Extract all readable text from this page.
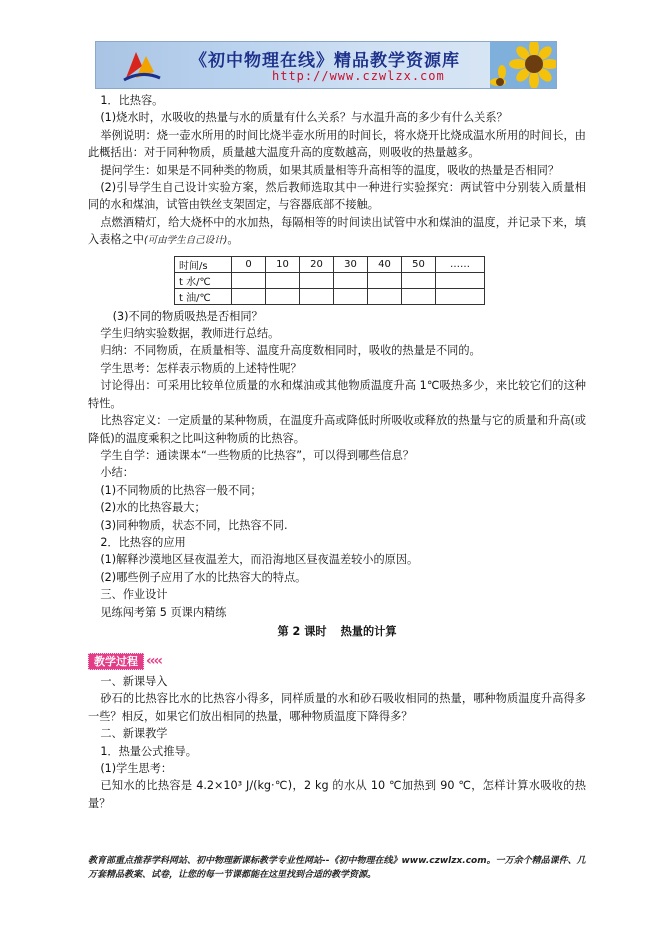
《初中物理在线》精品教学资源库
http://www.czwlzx.com

1．比热容。

(1)烧水时，水吸收的热量与水的质量有什么关系？与水温升高的多少有什么关系？

举例说明：烧一壶水所用的时间比烧半壶水所用的时间长，将水烧开比烧成温水所用的时间长，由此概括出：对于同种物质，质量越大温度升高的度数越高，则吸收的热量越多。

提问学生：如果是不同种类的物质，如果其质量相等升高相等的温度，吸收的热量是否相同？

(2)引导学生自己设计实验方案，然后教师选取其中一种进行实验探究：两试管中分别装入质量相同的水和煤油，试管由铁丝支架固定，与容器底部不接触。

点燃酒精灯，给大烧杯中的水加热，每隔相等的时间读出试管中水和煤油的温度，并记录下来，填入表格之中(可由学生自己设计)。

时间/s	0	10	20	30	40	50	……
t 水/℃							
t 油/℃							

(3)不同的物质吸热是否相同？

学生归纳实验数据，教师进行总结。

归纳：不同物质，在质量相等、温度升高度数相同时，吸收的热量是不同的。

学生思考：怎样表示物质的上述特性呢？

讨论得出：可采用比较单位质量的水和煤油或其他物质温度升高 1℃吸热多少，来比较它们的这种特性。

比热容定义：一定质量的某种物质，在温度升高或降低时所吸收或释放的热量与它的质量和升高(或降低)的温度乘积之比叫这种物质的比热容。

学生自学：通读课本“一些物质的比热容”，可以得到哪些信息？

小结：

(1)不同物质的比热容一般不同；

(2)水的比热容最大；

(3)同种物质，状态不同，比热容不同.

2．比热容的应用

(1)解释沙漠地区昼夜温差大，而沿海地区昼夜温差较小的原因。

(2)哪些例子应用了水的比热容大的特点。

三、作业设计

见练闯考第 5 页课内精练

第 2 课时 热量的计算
教学过程 ‹‹‹‹

一、新课导入

砂石的比热容比水的比热容小得多，同样质量的水和砂石吸收相同的热量，哪种物质温度升高得多一些？相反，如果它们放出相同的热量，哪种物质温度下降得多？

二、新课教学

1．热量公式推导。

(1)学生思考：

已知水的比热容是 4.2×10³ J/(kg·℃)，2 kg 的水从 10 ℃加热到 90 ℃，怎样计算水吸收的热量？

教育部重点推荐学科网站、初中物理新课标教学专业性网站--《初中物理在线》www.czwlzx.com。一万余个精品课件、几万套精品教案、试卷，让您的每一节课都能在这里找到合适的教学资源。
